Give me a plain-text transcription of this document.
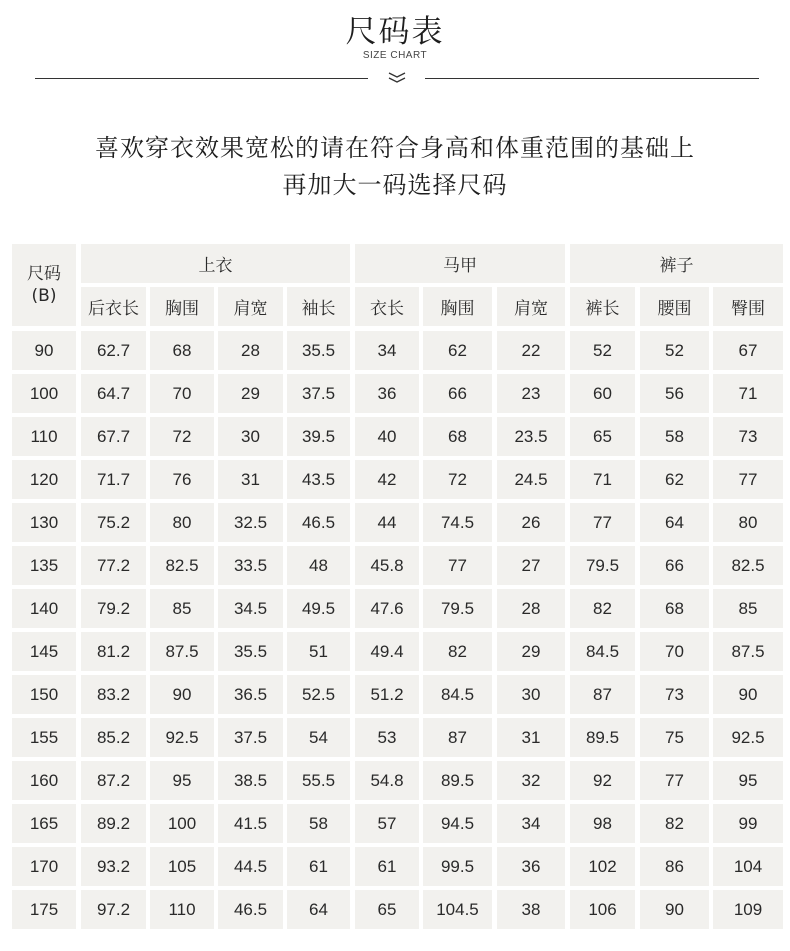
尺码表
SIZE CHART
喜欢穿衣效果宽松的请在符合身高和体重范围的基础上
再加大一码选择尺码
尺码
(B)
上衣	马甲	裤子
后衣长	胸围	肩宽	袖长	衣长	胸围	肩宽	裤长	腰围	臀围
90	62.7	68	28	35.5	34	62	22	52	52	67
100	64.7	70	29	37.5	36	66	23	60	56	71
110	67.7	72	30	39.5	40	68	23.5	65	58	73
120	71.7	76	31	43.5	42	72	24.5	71	62	77
130	75.2	80	32.5	46.5	44	74.5	26	77	64	80
135	77.2	82.5	33.5	48	45.8	77	27	79.5	66	82.5
140	79.2	85	34.5	49.5	47.6	79.5	28	82	68	85
145	81.2	87.5	35.5	51	49.4	82	29	84.5	70	87.5
150	83.2	90	36.5	52.5	51.2	84.5	30	87	73	90
155	85.2	92.5	37.5	54	53	87	31	89.5	75	92.5
160	87.2	95	38.5	55.5	54.8	89.5	32	92	77	95
165	89.2	100	41.5	58	57	94.5	34	98	82	99
170	93.2	105	44.5	61	61	99.5	36	102	86	104
175	97.2	110	46.5	64	65	104.5	38	106	90	109
